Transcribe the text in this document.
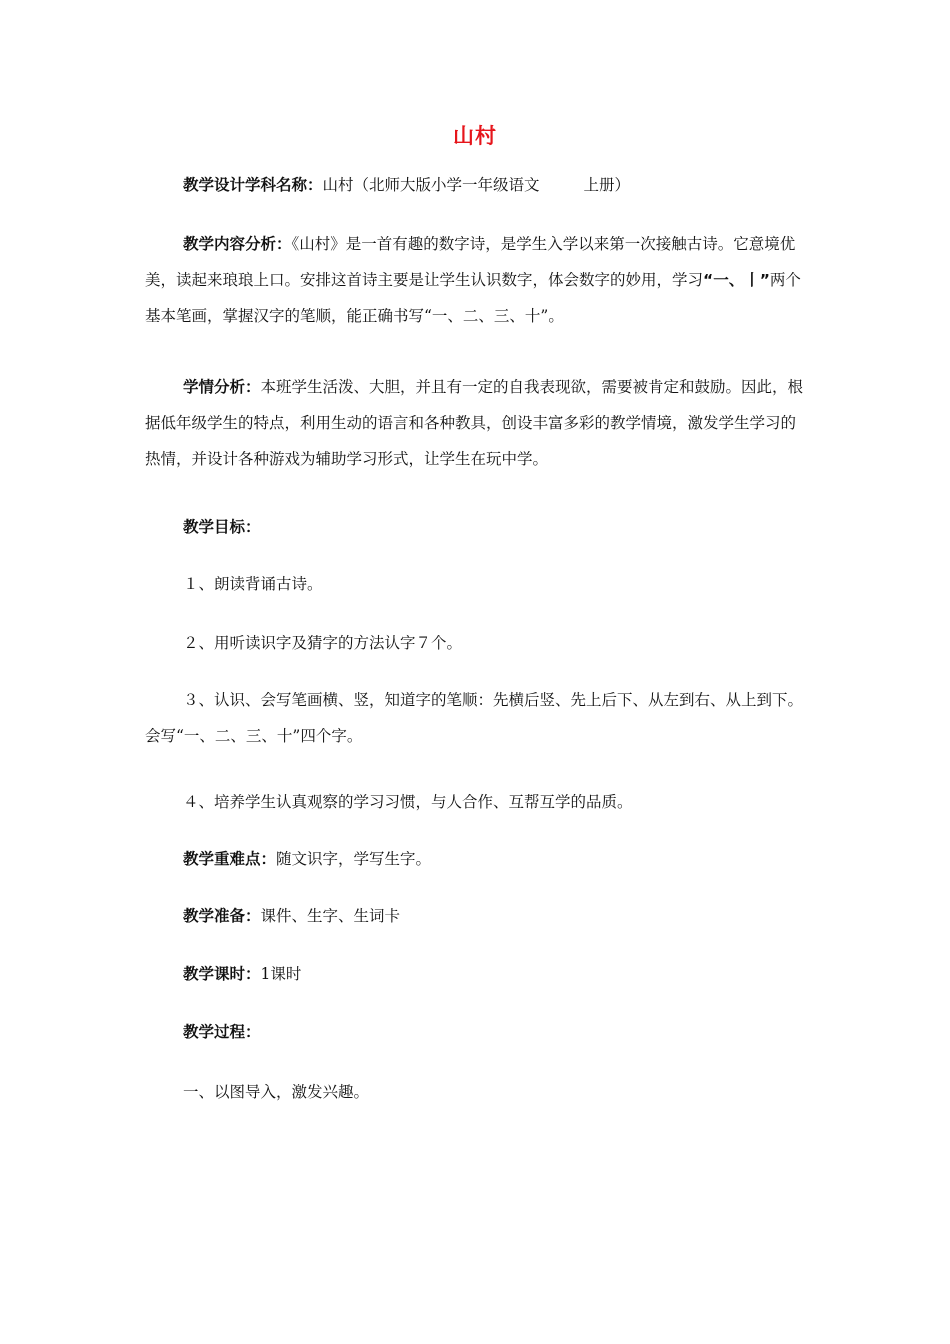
山村
教学设计学科名称：山村（北师大版小学一年级语文	上册）
教学内容分析：《山村》是一首有趣的数字诗，是学生入学以来第一次接触古诗。它意境优美，读起来琅琅上口。安排这首诗主要是让学生认识数字，体会数字的妙用，学习“一、丨”两个基本笔画，掌握汉字的笔顺，能正确书写“一、二、三、十”。
学情分析：本班学生活泼、大胆，并且有一定的自我表现欲，需要被肯定和鼓励。因此，根据低年级学生的特点，利用生动的语言和各种教具，创设丰富多彩的教学情境，激发学生学习的热情，并设计各种游戏为辅助学习形式，让学生在玩中学。
教学目标：
１、朗读背诵古诗。
２、用听读识字及猜字的方法认字７个。
３、认识、会写笔画横、竖，知道字的笔顺：先横后竖、先上后下、从左到右、从上到下。会写“一、二、三、十”四个字。
４、培养学生认真观察的学习习惯，与人合作、互帮互学的品质。
教学重难点：随文识字，学写生字。
教学准备：课件、生字、生词卡
教学课时：1课时
教学过程：
一、以图导入，激发兴趣。
